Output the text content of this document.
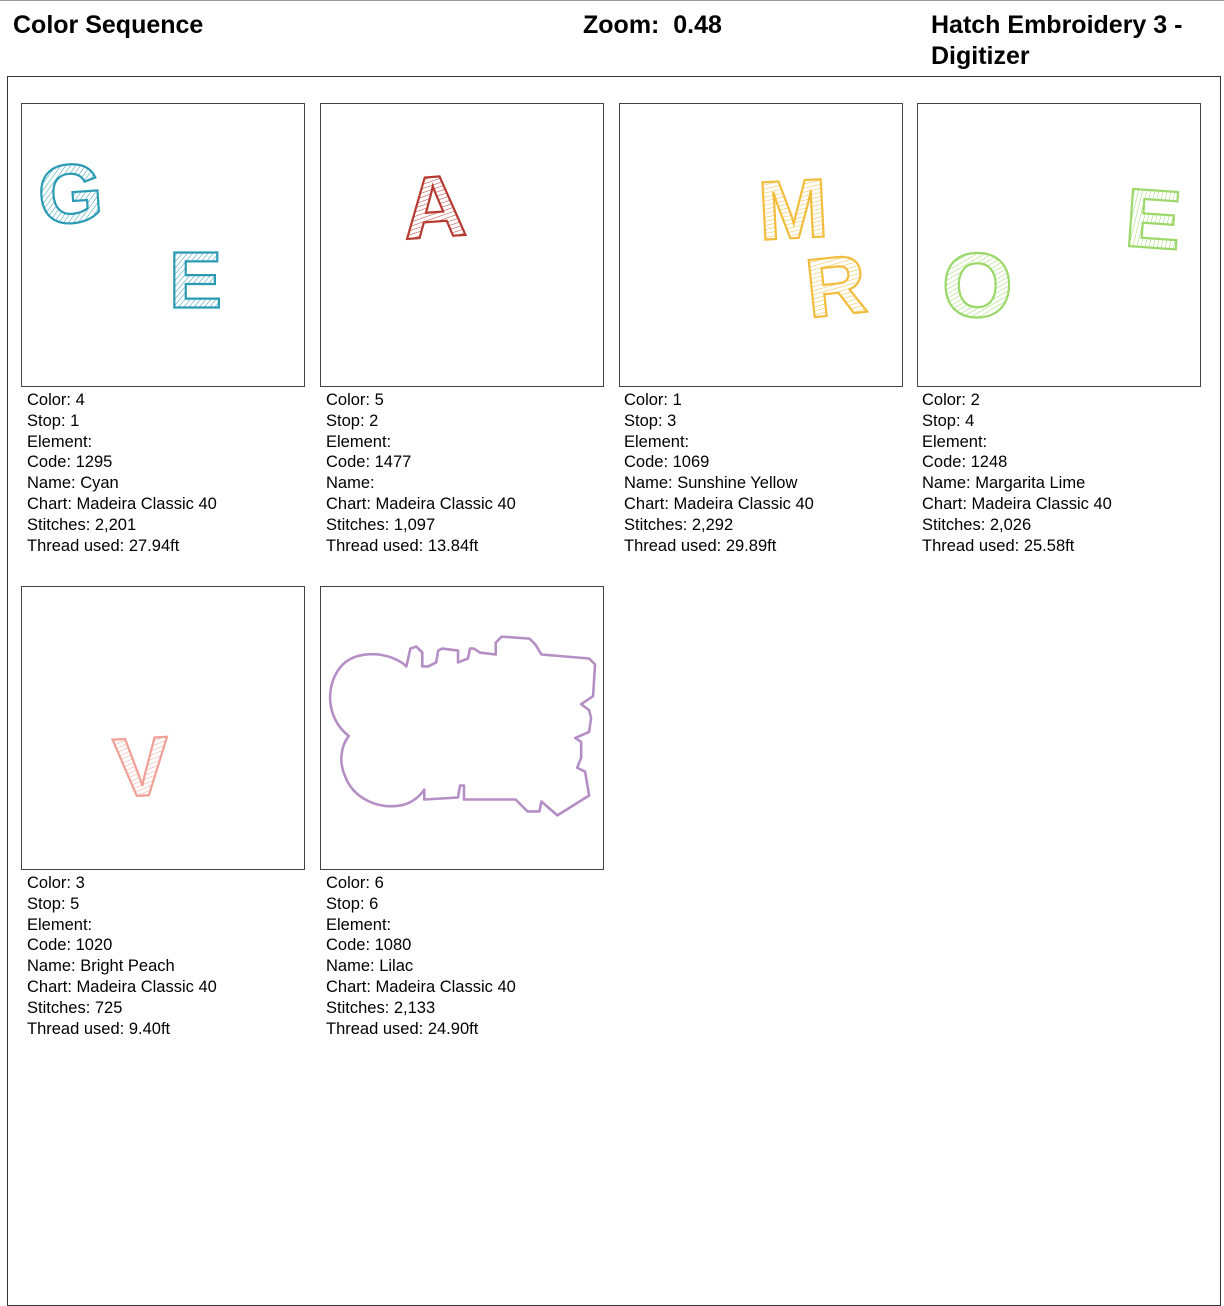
Color Sequence	Zoom: 0.48	Hatch Embroidery 3 - Digitizer
G
E
Color: 4
Stop: 1
Element:
Code: 1295
Name: Cyan
Chart: Madeira Classic 40
Stitches: 2,201
Thread used: 27.94ft
A
Color: 5
Stop: 2
Element:
Code: 1477
Name:
Chart: Madeira Classic 40
Stitches: 1,097
Thread used: 13.84ft
M
R
Color: 1
Stop: 3
Element:
Code: 1069
Name: Sunshine Yellow
Chart: Madeira Classic 40
Stitches: 2,292
Thread used: 29.89ft
E
O
Color: 2
Stop: 4
Element:
Code: 1248
Name: Margarita Lime
Chart: Madeira Classic 40
Stitches: 2,026
Thread used: 25.58ft
V
Color: 3
Stop: 5
Element:
Code: 1020
Name: Bright Peach
Chart: Madeira Classic 40
Stitches: 725
Thread used: 9.40ft
Color: 6
Stop: 6
Element:
Code: 1080
Name: Lilac
Chart: Madeira Classic 40
Stitches: 2,133
Thread used: 24.90ft
